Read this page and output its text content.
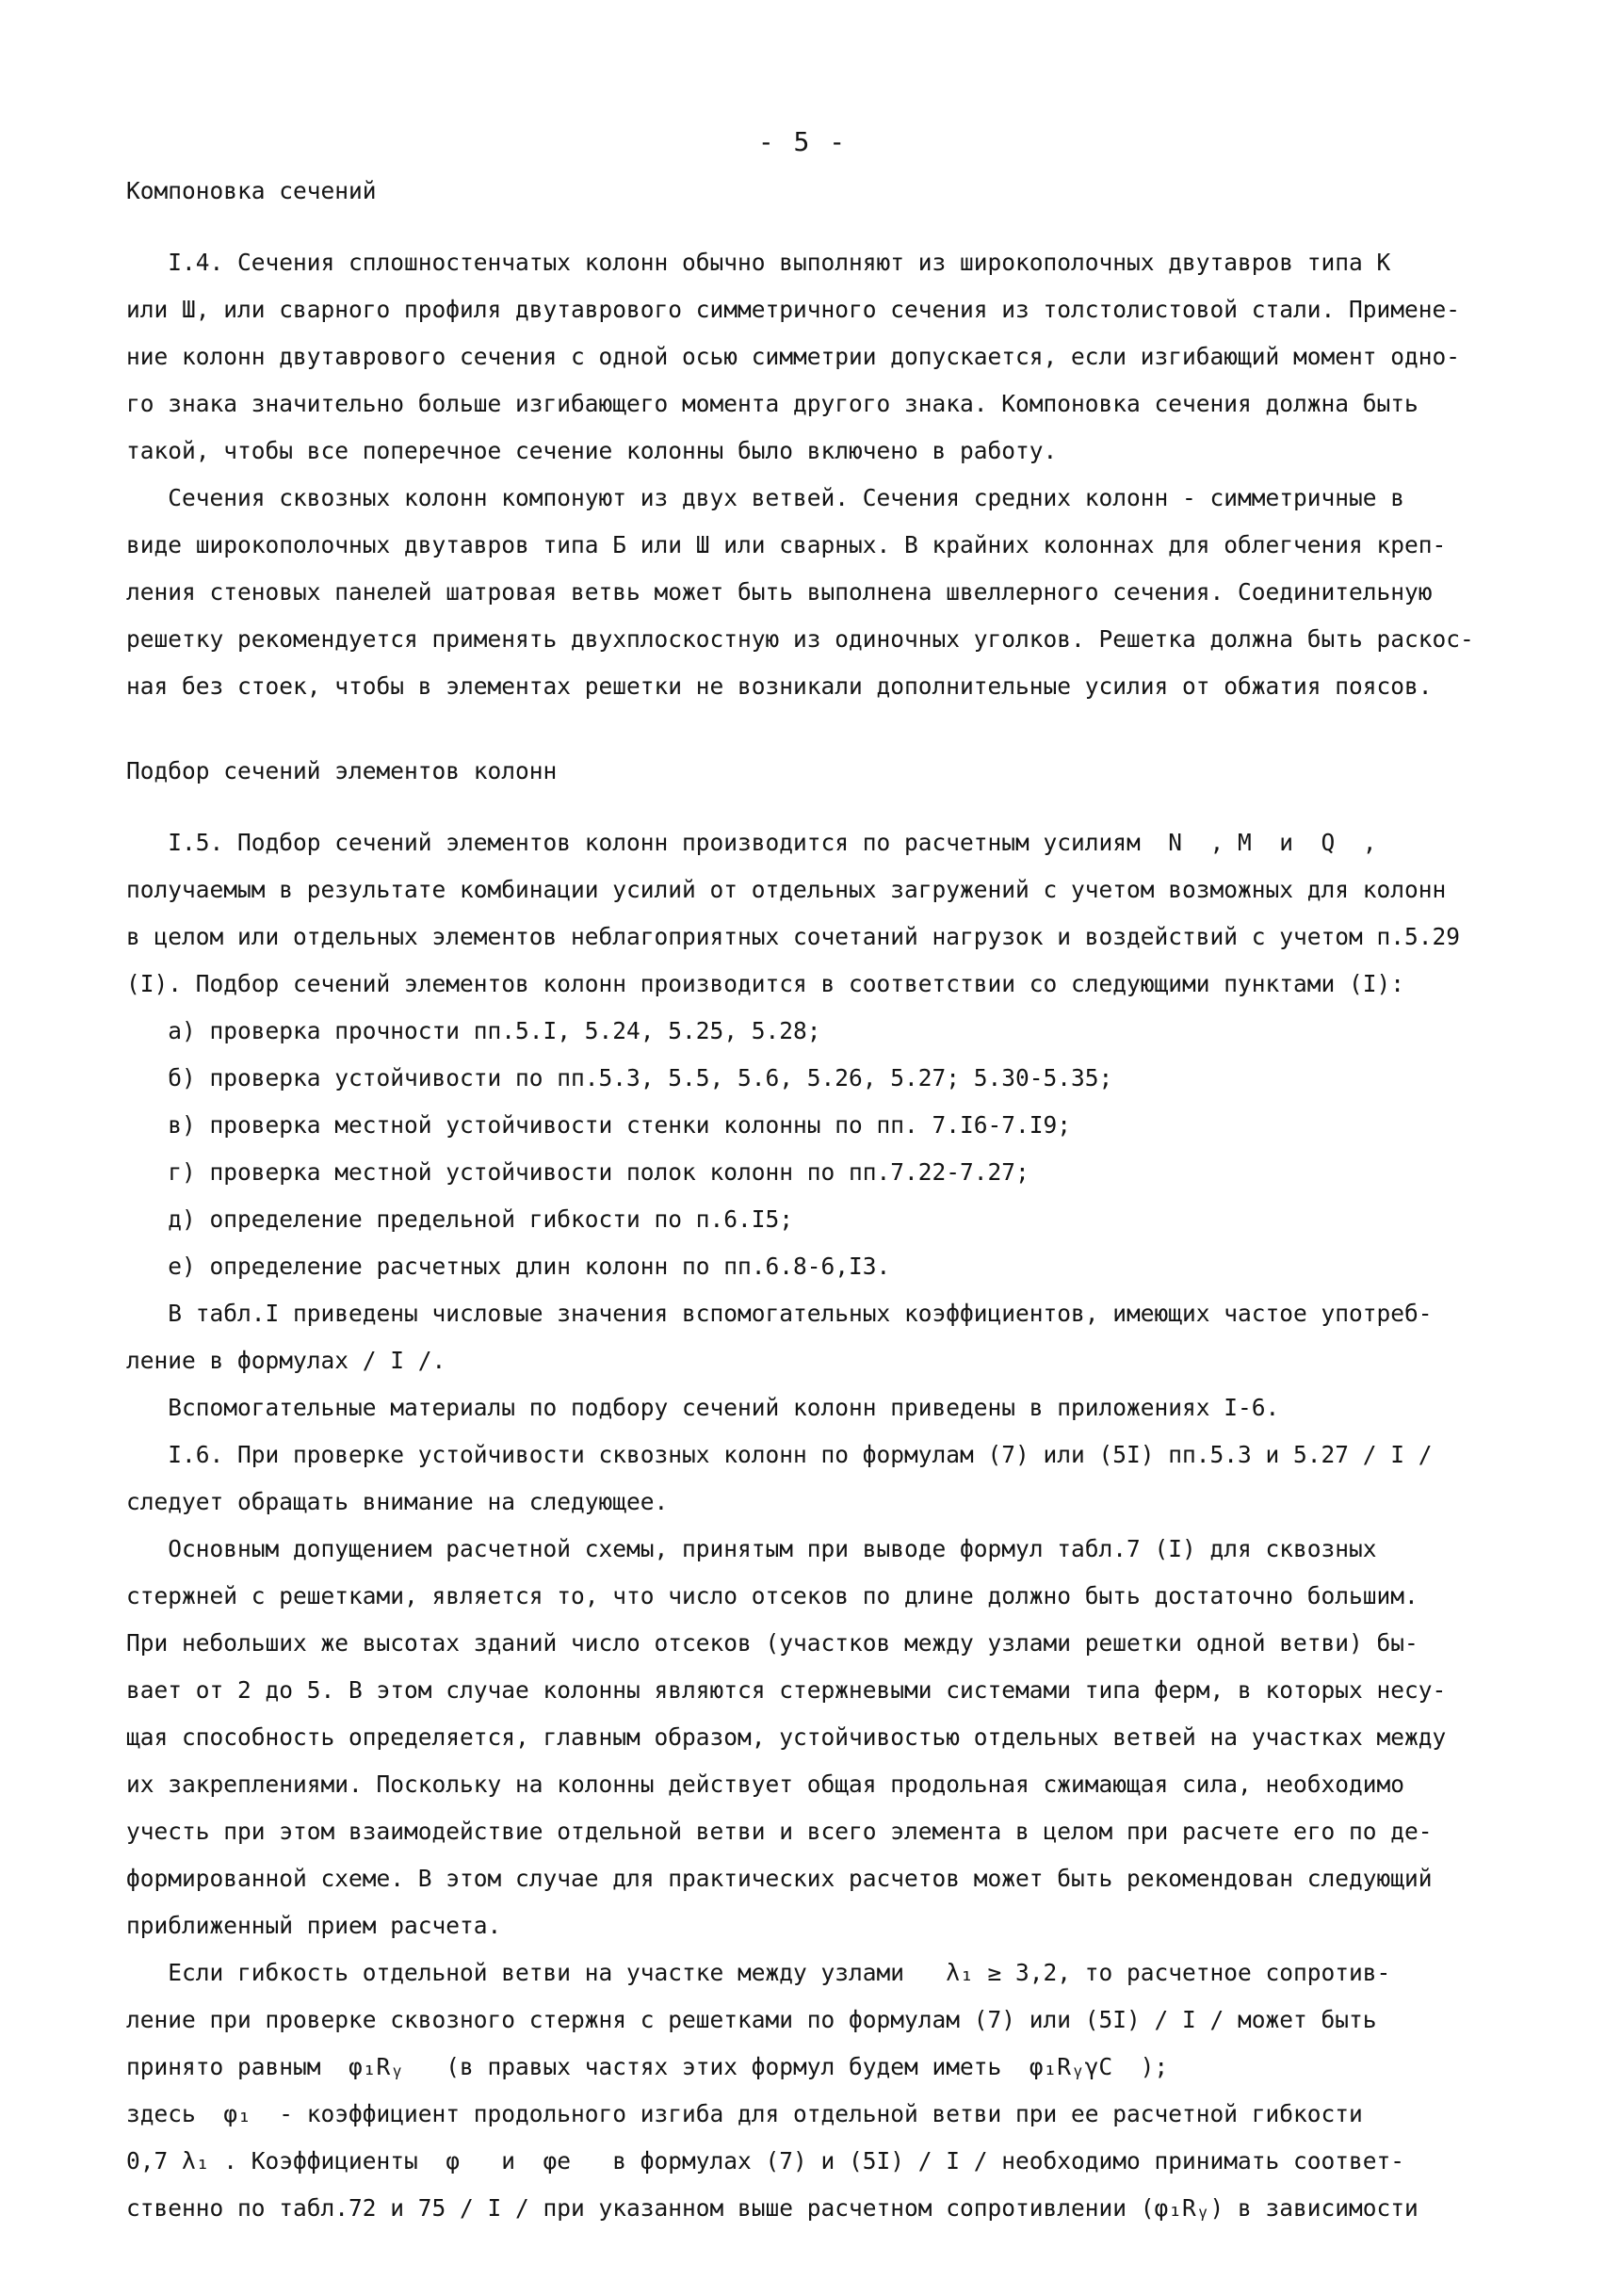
- 5 -

Компоновка сечений

I.4. Сечения сплошностенчатых колонн обычно выполняют из широкополочных двутавров типа К

или Ш, или сварного профиля двутаврового симметричного сечения из толстолистовой стали. Примене-

ние колонн двутаврового сечения с одной осью симметрии допускается, если изгибающий момент одно-

го знака значительно больше изгибающего момента другого знака. Компоновка сечения должна быть

такой, чтобы все поперечное сечение колонны было включено в работу.

Сечения сквозных колонн компонуют из двух ветвей. Сечения средних колонн - симметричные в

виде широкополочных двутавров типа Б или Ш или сварных. В крайних колоннах для облегчения креп-

ления стеновых панелей шатровая ветвь может быть выполнена швеллерного сечения. Соединительную

решетку рекомендуется применять двухплоскостную из одиночных уголков. Решетка должна быть раскос-

ная без стоек, чтобы в элементах решетки не возникали дополнительные усилия от обжатия поясов.

Подбор сечений элементов колонн

I.5. Подбор сечений элементов колонн производится по расчетным усилиям  N  , M  и  Q  ,

получаемым в результате комбинации усилий от отдельных загружений с учетом возможных для колонн

в целом или отдельных элементов неблагоприятных сочетаний нагрузок и воздействий с учетом п.5.29

(I). Подбор сечений элементов колонн производится в соответствии со следующими пунктами (I):

а) проверка прочности пп.5.I, 5.24, 5.25, 5.28;

б) проверка устойчивости по пп.5.3, 5.5, 5.6, 5.26, 5.27; 5.30-5.35;

в) проверка местной устойчивости стенки колонны по пп. 7.I6-7.I9;

г) проверка местной устойчивости полок колонн по пп.7.22-7.27;

д) определение предельной гибкости по п.6.I5;

е) определение расчетных длин колонн по пп.6.8-6,I3.

В табл.I приведены числовые значения вспомогательных коэффициентов, имеющих частое употреб-

ление в формулах / I /.

Вспомогательные материалы по подбору сечений колонн приведены в приложениях I-6.

I.6. При проверке устойчивости сквозных колонн по формулам (7) или (5I) пп.5.3 и 5.27 / I /

следует обращать внимание на следующее.

Основным допущением расчетной схемы, принятым при выводе формул табл.7 (I) для сквозных

стержней с решетками, является то, что число отсеков по длине должно быть достаточно большим.

При небольших же высотах зданий число отсеков (участков между узлами решетки одной ветви) бы-

вает от 2 до 5. В этом случае колонны являются стержневыми системами типа ферм, в которых несу-

щая способность определяется, главным образом, устойчивостью отдельных ветвей на участках между

их закреплениями. Поскольку на колонны действует общая продольная сжимающая сила, необходимо

учесть при этом взаимодействие отдельной ветви и всего элемента в целом при расчете его по де-

формированной схеме. В этом случае для практических расчетов может быть рекомендован следующий

приближенный прием расчета.

Если гибкость отдельной ветви на участке между узлами   λ₁ ≥ 3,2, то расчетное сопротив-

ление при проверке сквозного стержня с решетками по формулам (7) или (5I) / I / может быть

принято равным  φ₁Rᵧ   (в правых частях этих формул будем иметь  φ₁RᵧγC  );

здесь  φ₁  - коэффициент продольного изгиба для отдельной ветви при ее расчетной гибкости

0,7 λ₁ . Коэффициенты  φ   и  φe   в формулах (7) и (5I) / I / необходимо принимать соответ-

ственно по табл.72 и 75 / I / при указанном выше расчетном сопротивлении (φ₁Rᵧ) в зависимости
